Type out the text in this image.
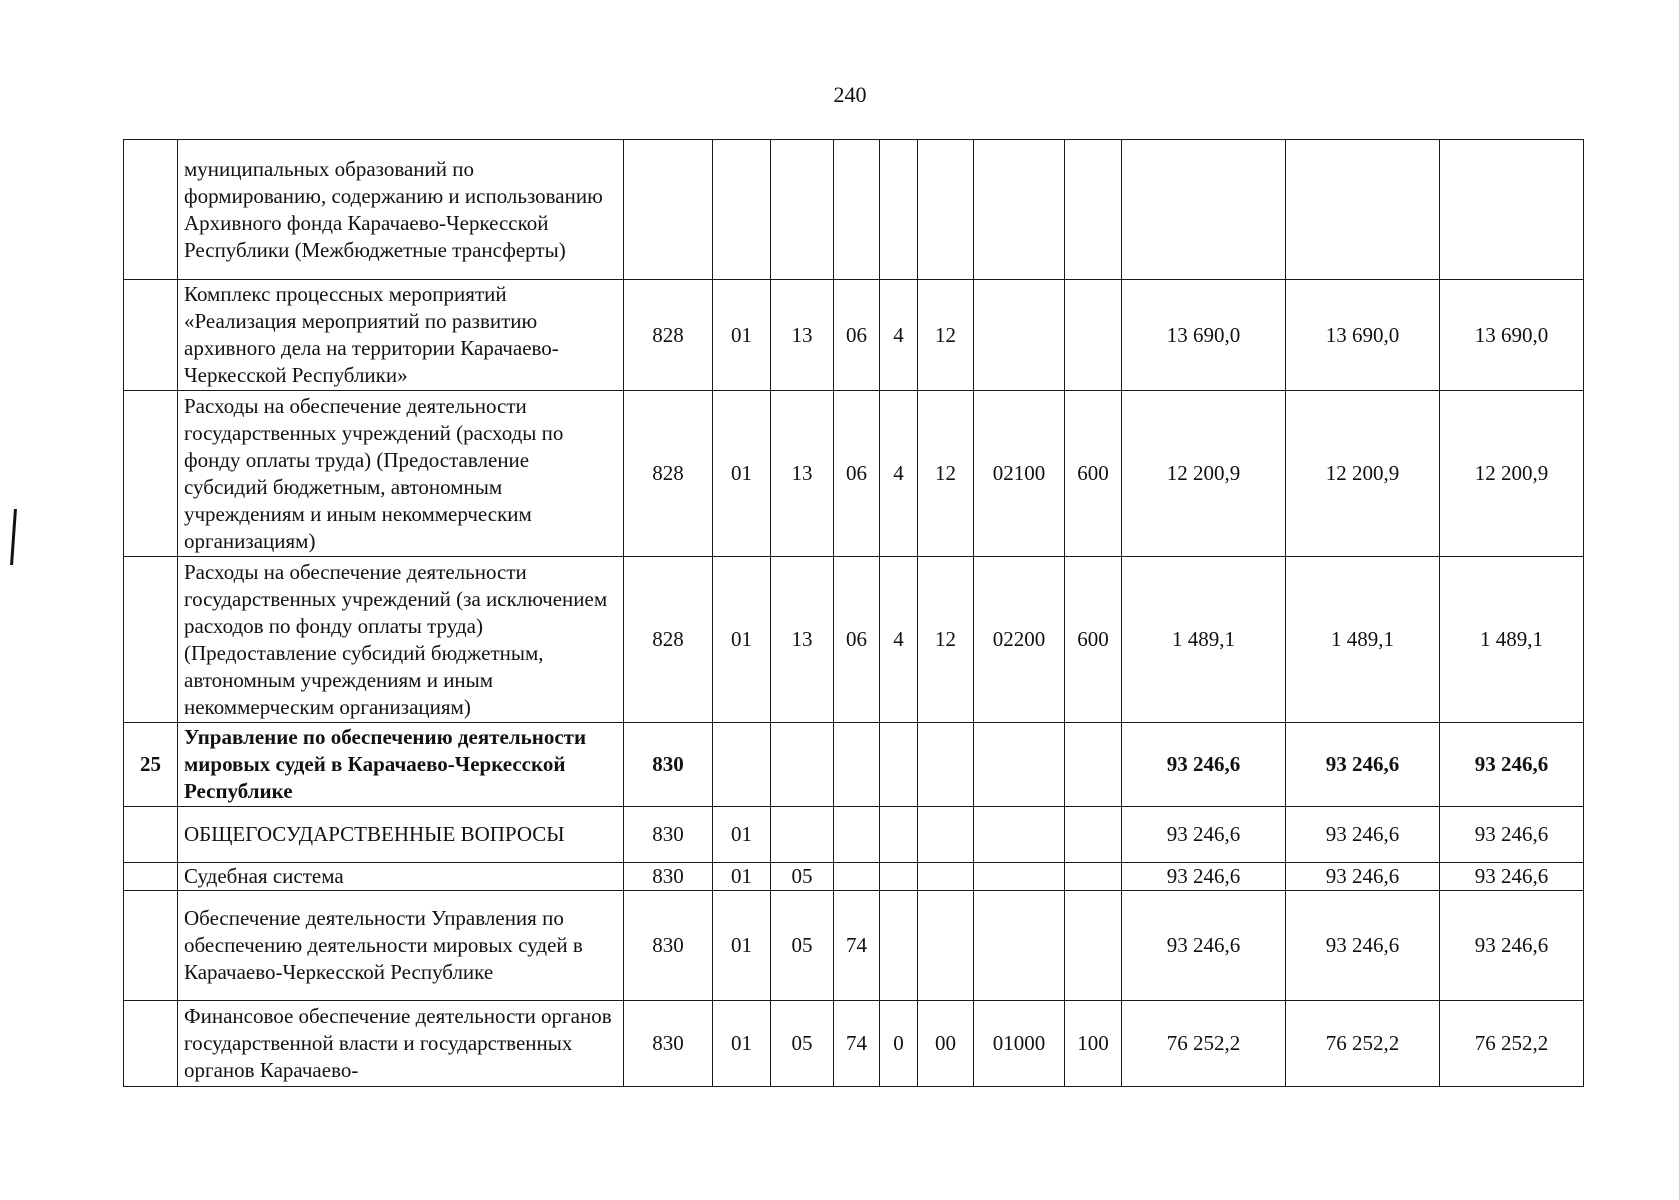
240
	муниципальных образований по формированию, содержанию и использованию Архивного фонда Карачаево-Черкесской Республики (Межбюджетные трансферты)											
	Комплекс процессных мероприятий «Реализация мероприятий по развитию архивного дела на территории Карачаево-Черкесской Республики»	828	01	13	06	4	12			13 690,0	13 690,0	13 690,0
	Расходы на обеспечение деятельности государственных учреждений (расходы по фонду оплаты труда) (Предоставление субсидий бюджетным, автономным учреждениям и иным некоммерческим организациям)	828	01	13	06	4	12	02100	600	12 200,9	12 200,9	12 200,9
	Расходы на обеспечение деятельности государственных учреждений (за исключением расходов по фонду оплаты труда) (Предоставление субсидий бюджетным, автономным учреждениям и иным некоммерческим организациям)	828	01	13	06	4	12	02200	600	1 489,1	1 489,1	1 489,1
25	Управление по обеспечению деятельности мировых судей в Карачаево-Черкесской Республике	830								93 246,6	93 246,6	93 246,6
	ОБЩЕГОСУДАРСТВЕННЫЕ ВОПРОСЫ	830	01							93 246,6	93 246,6	93 246,6
	Судебная система	830	01	05						93 246,6	93 246,6	93 246,6
	Обеспечение деятельности Управления по обеспечению деятельности мировых судей в Карачаево-Черкесской Республике	830	01	05	74					93 246,6	93 246,6	93 246,6
	Финансовое обеспечение деятельности органов государственной власти и государственных органов Карачаево-	830	01	05	74	0	00	01000	100	76 252,2	76 252,2	76 252,2
